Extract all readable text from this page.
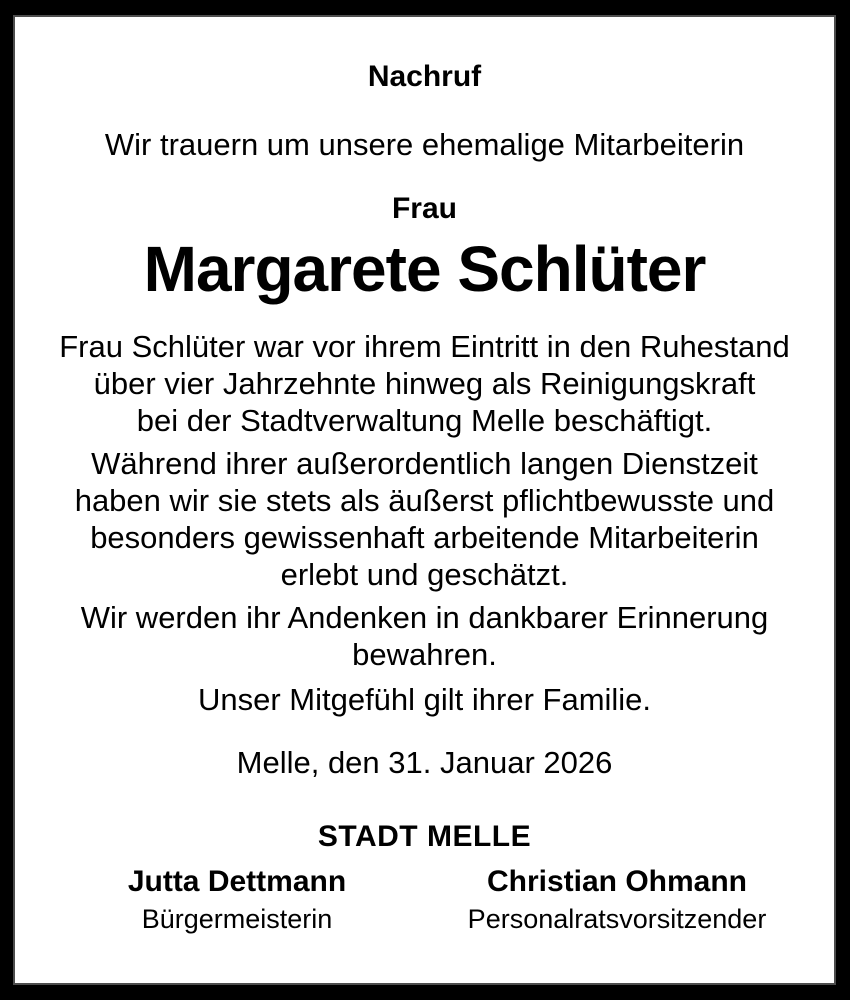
Nachruf
Wir trauern um unsere ehemalige Mitarbeiterin
Frau
Margarete Schlüter
Frau Schlüter war vor ihrem Eintritt in den Ruhestand
über vier Jahrzehnte hinweg als Reinigungskraft
bei der Stadtverwaltung Melle beschäftigt.
Während ihrer außerordentlich langen Dienstzeit
haben wir sie stets als äußerst pflichtbewusste und
besonders gewissenhaft arbeitende Mitarbeiterin
erlebt und geschätzt.
Wir werden ihr Andenken in dankbarer Erinnerung
bewahren.
Unser Mitgefühl gilt ihrer Familie.
Melle, den 31. Januar 2026
STADT MELLE
Jutta Dettmann
Bürgermeisterin
Christian Ohmann
Personalratsvorsitzender
